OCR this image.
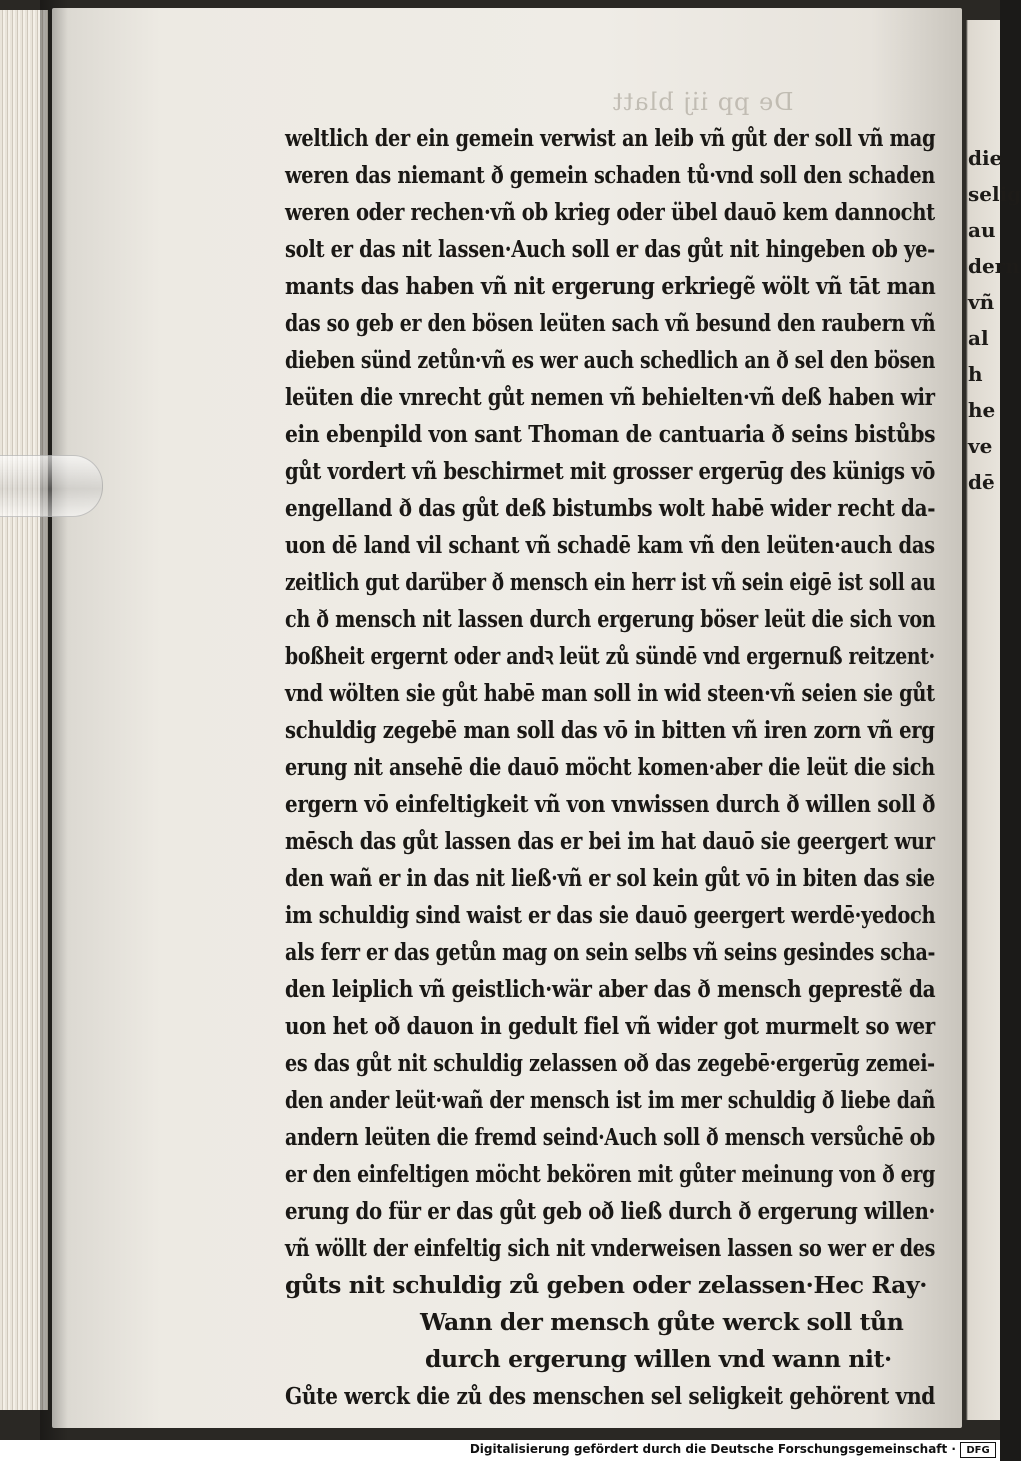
De pp iij blatt
weltlich der ein gemein verwist an leib vñ gůt der soll vñ mag
weren das niemant ð gemein schaden tů·vnd soll den schaden
weren oder rechen·vñ ob krieg oder übel dauō kem dannocht
solt er das nit lassen·Auch soll er das gůt nit hingeben ob ye-
mants das haben vñ nit ergerung erkriegẽ wölt vñ tāt man
das so geb er den bösen leüten sach vñ besund den raubern vñ
dieben sünd zetůn·vñ es wer auch schedlich an ð sel den bösen
leüten die vnrecht gůt nemen vñ behielten·vñ deß haben wir
ein ebenpild von sant Thoman de cantuaria ð seins bistůbs
gůt vordert vñ beschirmet mit grosser ergerūg des künigs vō
engelland ð das gůt deß bistumbs wolt habē wider recht da-
uon dē land vil schant vñ schadē kam vñ den leüten·auch das
zeitlich gut darüber ð mensch ein herr ist vñ sein eigē ist soll au
ch ð mensch nit lassen durch ergerung böser leüt die sich von
boßheit ergernt oder andꝛ leüt zů sündē vnd ergernuß reitzent·
vnd wölten sie gůt habē man soll in wid steen·vñ seien sie gůt
schuldig zegebē man soll das vō in bitten vñ iren zorn vñ erg
erung nit ansehē die dauō möcht komen·aber die leüt die sich
ergern vō einfeltigkeit vñ von vnwissen durch ð willen soll ð
mēsch das gůt lassen das er bei im hat dauō sie geergert wur
den wañ er in das nit ließ·vñ er sol kein gůt vō in biten das sie
im schuldig sind waist er das sie dauō geergert werdē·yedoch
als ferr er das getůn mag on sein selbs vñ seins gesindes scha-
den leiplich vñ geistlich·wär aber das ð mensch geprestẽ da
uon het oð dauon in gedult fiel vñ wider got murmelt so wer
es das gůt nit schuldig zelassen oð das zegebē·ergerūg zemei-
den ander leüt·wañ der mensch ist im mer schuldig ð liebe dañ
andern leüten die fremd seind·Auch soll ð mensch versůchē ob
er den einfeltigen möcht bekören mit gůter meinung von ð erg
erung do für er das gůt geb oð ließ durch ð ergerung willen·
vñ wöllt der einfeltig sich nit vnderweisen lassen so wer er des
gůts nit schuldig zů geben oder zelassen·Hec Ray·
Wann der mensch gůte werck soll tůn
durch ergerung willen vnd wann nit·
Gůte werck die zů des menschen sel seligkeit gehörent vnd
die
selig
au
dern
vñ
al
h
he
ve
dē
Digitalisierung gefördert durch die Deutsche Forschungsgemeinschaft ·	DFG
